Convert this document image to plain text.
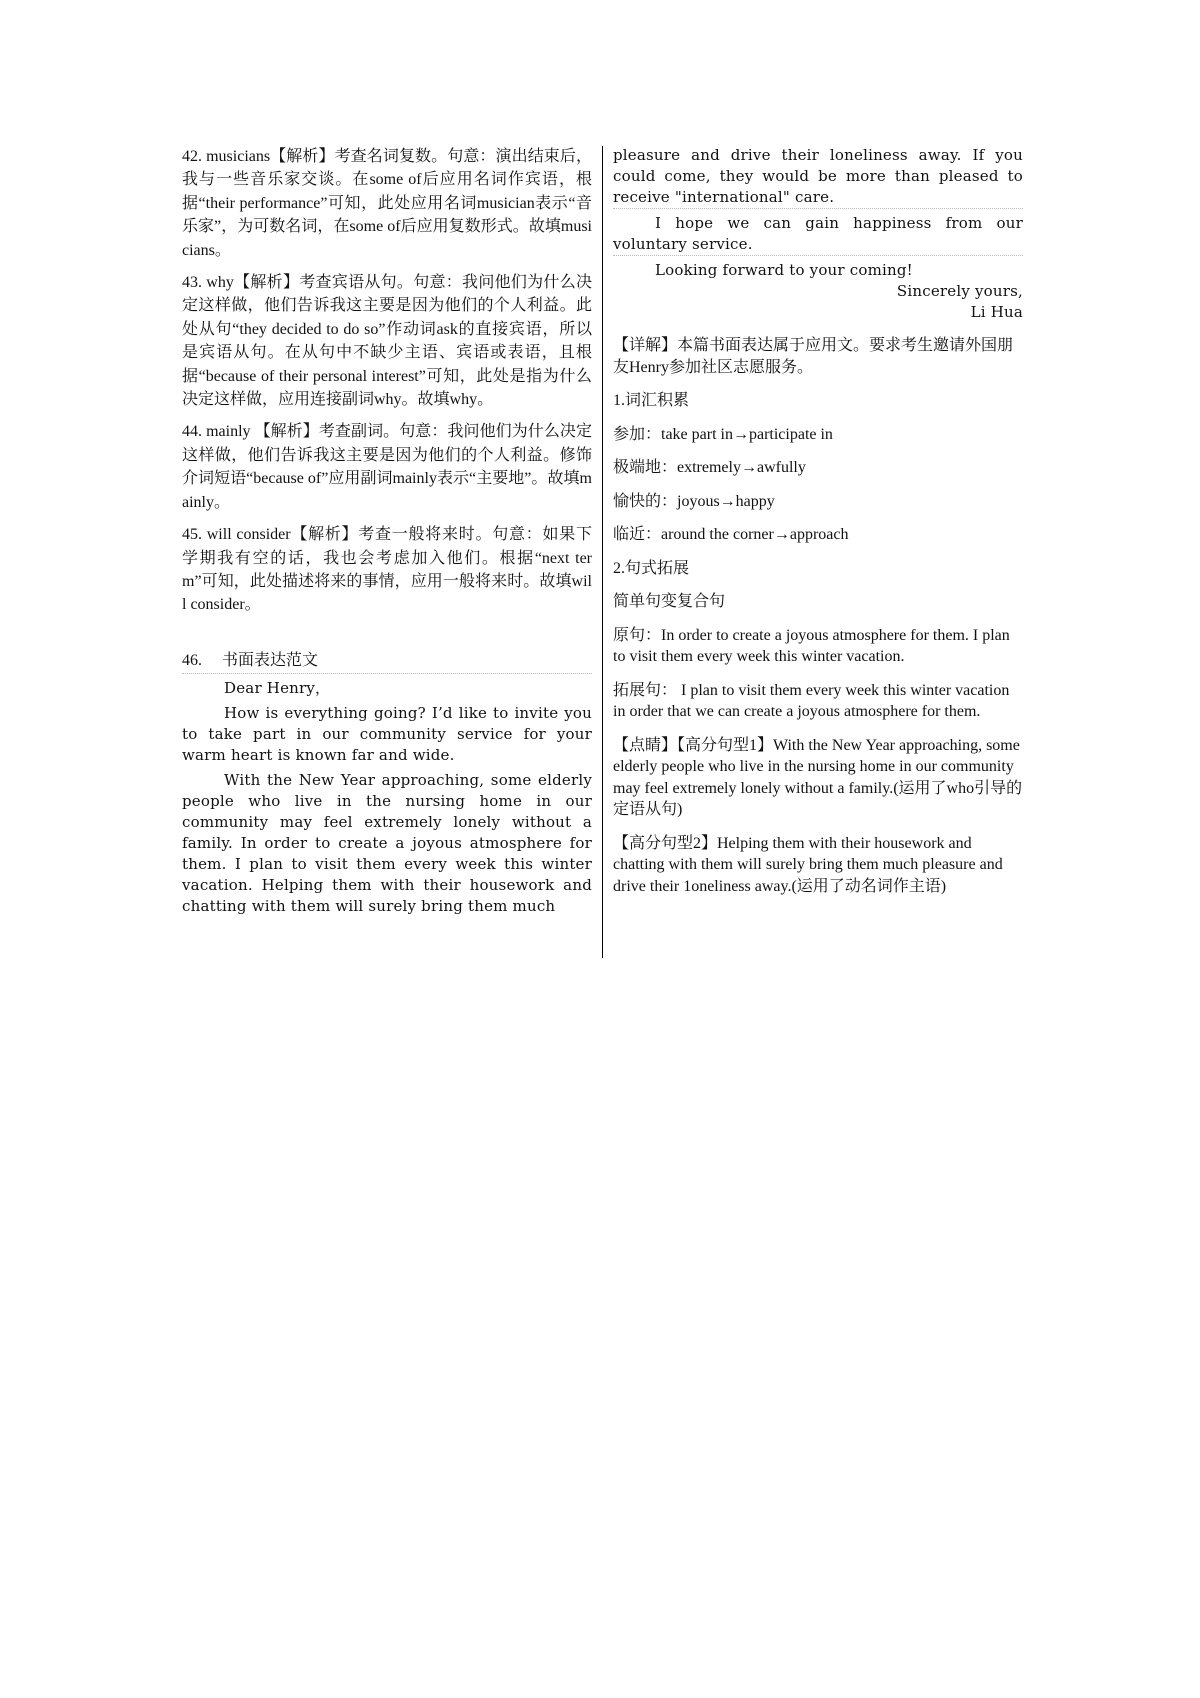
42. musicians【解析】考查名词复数。句意：演出结束后，我与一些音乐家交谈。在some of后应用名词作宾语，根据“their performance”可知，此处应用名词musician表示“音乐家”，为可数名词，在some of后应用复数形式。故填musicians。

43. why【解析】考查宾语从句。句意：我问他们为什么决定这样做，他们告诉我这主要是因为他们的个人利益。此处从句“they decided to do so”作动词ask的直接宾语，所以是宾语从句。在从句中不缺少主语、宾语或表语，且根据“because of their personal interest”可知，此处是指为什么决定这样做，应用连接副词why。故填why。

44. mainly 【解析】考查副词。句意：我问他们为什么决定这样做，他们告诉我这主要是因为他们的个人利益。修饰介词短语“because of”应用副词mainly表示“主要地”。故填mainly。

45. will consider【解析】考查一般将来时。句意：如果下学期我有空的话，我也会考虑加入他们。根据“next term”可知，此处描述将来的事情，应用一般将来时。故填will consider。

46. 书面表达范文

Dear Henry，

How is everything going? I’d like to invite you to take part in our community service for your warm heart is known far and wide.

With the New Year approaching, some elderly people who live in the nursing home in our community may feel extremely lonely without a family. In order to create a joyous atmosphere for them. I plan to visit them every week this winter vacation. Helping them with their housework and chatting with them will surely bring them much

pleasure and drive their loneliness away. If you could come, they would be more than pleased to receive "international" care.

I hope we can gain happiness from our voluntary service.

Looking forward to your coming!

Sincerely yours,

Li Hua

【详解】本篇书面表达属于应用文。要求考生邀请外国朋友Henry参加社区志愿服务。

1.词汇积累

参加：take part in→participate in

极端地：extremely→awfully

愉快的：joyous→happy

临近：around the corner→approach

2.句式拓展

简单句变复合句

原句：In order to create a joyous atmosphere for them. I plan to visit them every week this winter vacation.

拓展句： I plan to visit them every week this winter vacation in order that we can create a joyous atmosphere for them.

【点睛】【高分句型1】With the New Year approaching, some elderly people who live in the nursing home in our community may feel extremely lonely without a family.(运用了who引导的定语从句)

【高分句型2】Helping them with their housework and chatting with them will surely bring them much pleasure and drive their 1oneliness away.(运用了动名词作主语)
